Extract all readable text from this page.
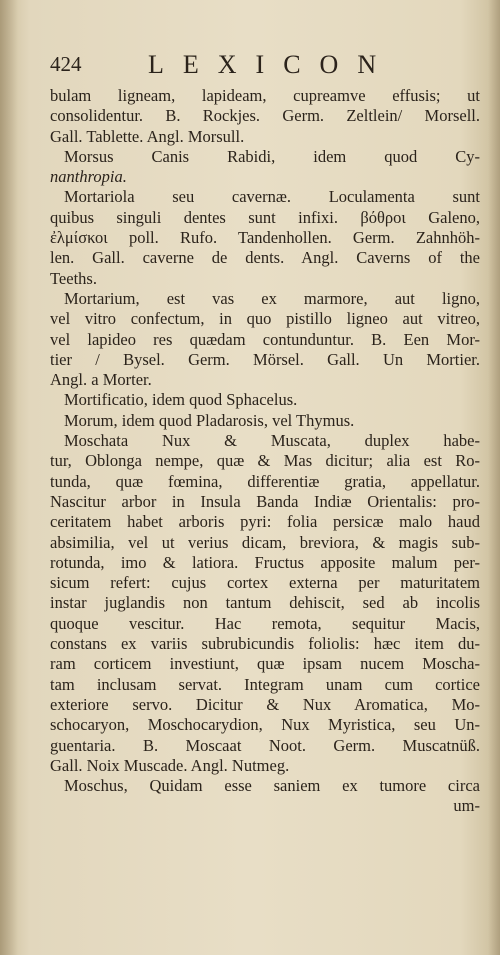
424	LEXICON
bulam ligneam, lapideam, cupreamve effusis; ut
consolidentur. B. Rockjes. Germ. Zeltlein/ Morsell.
Gall. Tablette. Angl. Morsull.
Morsus Canis Rabidi, idem quod Cy-
nanthropia.
Mortariola seu cavernæ. Loculamenta sunt
quibus singuli dentes sunt infixi. βόθροι Galeno,
ἐλμίσκοι poll. Rufo. Tandenhollen. Germ. Zahnhöh-
len. Gall. caverne de dents. Angl. Caverns of the
Teeths.
Mortarium, est vas ex marmore, aut ligno,
vel vitro confectum, in quo pistillo ligneo aut vitreo,
vel lapideo res quædam contunduntur. B. Een Mor-
tier / Bysel. Germ. Mörsel. Gall. Un Mortier.
Angl. a Morter.
Mortificatio, idem quod Sphacelus.
Morum, idem quod Pladarosis, vel Thymus.
Moschata Nux & Muscata, duplex habe-
tur, Oblonga nempe, quæ & Mas dicitur; alia est Ro-
tunda, quæ fœmina, differentiæ gratia, appellatur.
Nascitur arbor in Insula Banda Indiæ Orientalis: pro-
ceritatem habet arboris pyri: folia persicæ malo haud
absimilia, vel ut verius dicam, breviora, & magis sub-
rotunda, imo & latiora. Fructus apposite malum per-
sicum refert: cujus cortex externa per maturitatem
instar juglandis non tantum dehiscit, sed ab incolis
quoque vescitur. Hac remota, sequitur Macis,
constans ex variis subrubicundis foliolis: hæc item du-
ram corticem investiunt, quæ ipsam nucem Moscha-
tam inclusam servat. Integram unam cum cortice
exteriore servo. Dicitur & Nux Aromatica, Mo-
schocaryon, Moschocarydion, Nux Myristica, seu Un-
guentaria. B. Moscaat Noot. Germ. Muscatnüß.
Gall. Noix Muscade. Angl. Nutmeg.
Moschus, Quidam esse saniem ex tumore circa
um-
